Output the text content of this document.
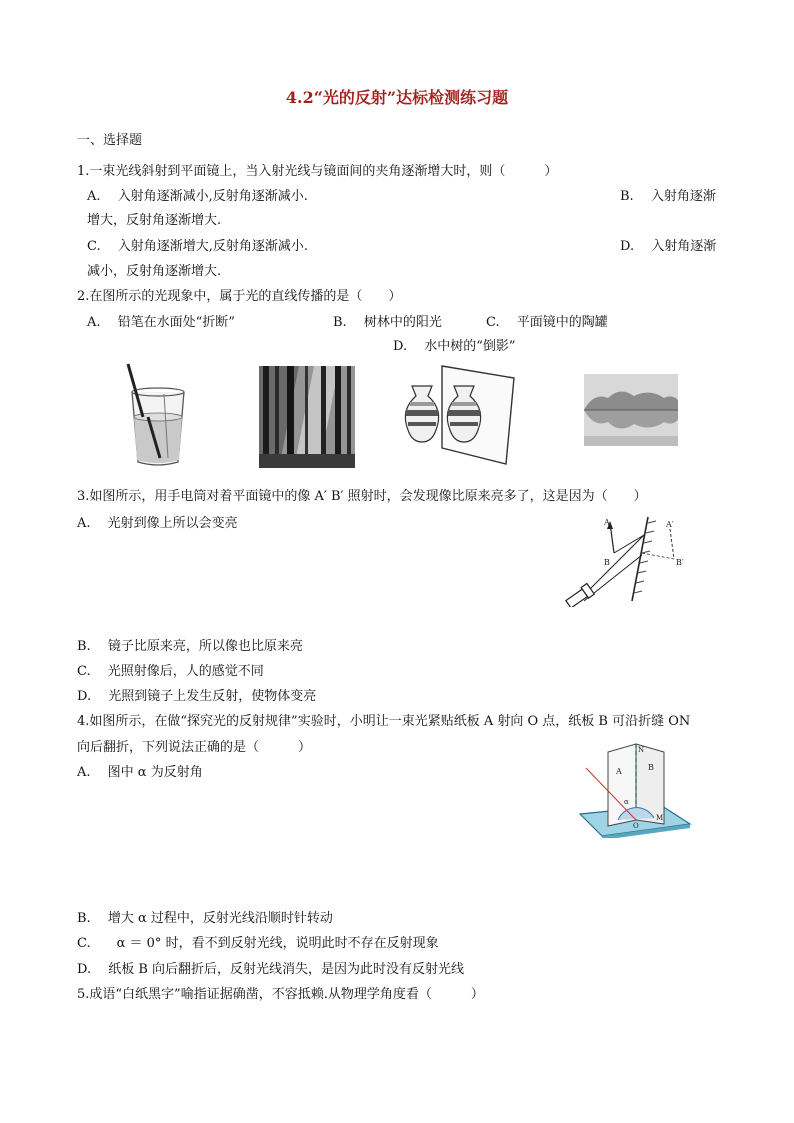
4.2“光的反射”达标检测练习题
一、选择题
1.一束光线斜射到平面镜上，当入射光线与镜面间的夹角逐渐增大时，则（　　　）
A.　 入射角逐渐减小,反射角逐渐减小.	B.　 入射角逐渐
增大，反射角逐渐增大.
C.　 入射角逐渐增大,反射角逐渐减小.	D.　 入射角逐渐
减小，反射角逐渐增大.
2.在图所示的光现象中，属于光的直线传播的是（　　）
A.　 铅笔在水面处“折断”	B.　 树林中的阳光	C.　 平面镜中的陶罐
D.　 水中树的“倒影”
3.如图所示，用手电筒对着平面镜中的像 A′ B′ 照射时，会发现像比原来亮多了，这是因为（　　）
A.　 光射到像上所以会变亮	A
B
A′
B′
B.　 镜子比原来亮，所以像也比原来亮
C.　 光照射像后，人的感觉不同
D.　 光照到镜子上发生反射，使物体变亮
4.如图所示，在做“探究光的反射规律”实验时，小明让一束光紧贴纸板 A 射向 O 点，纸板 B 可沿折缝 ON
向后翻折，下列说法正确的是（　　　）
A.　 图中 α 为反射角	A	B
N
α
O
M
B.　 增大 α 过程中，反射光线沿顺时针转动
C.　　α ＝ 0° 时，看不到反射光线，说明此时不存在反射现象
D.　 纸板 B 向后翻折后，反射光线消失，是因为此时没有反射光线
5.成语“白纸黑字”喻指证据确凿，不容抵赖.从物理学角度看（　　　）
